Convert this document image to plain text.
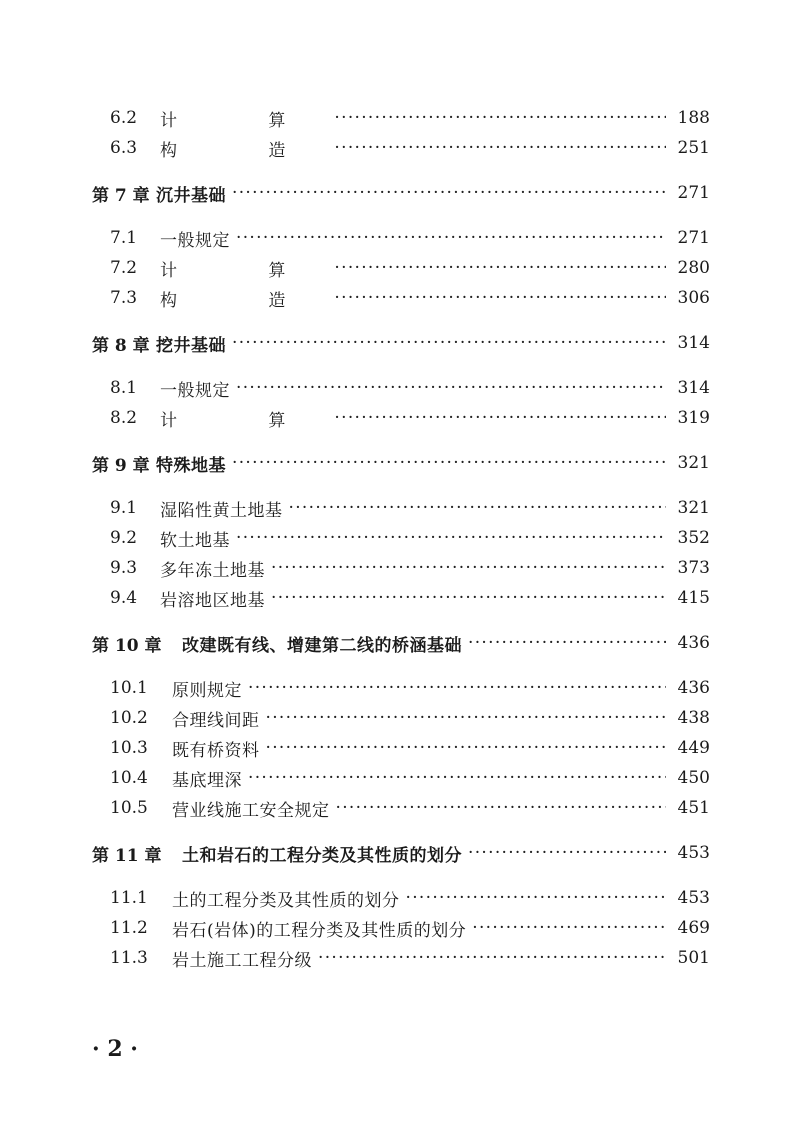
6.2	计 算 ·····	188
6.3	构 造 ·····	251
第 7 章 沉井基础 ·····	271
7.1	一般规定 ·····	271
7.2	计 算 ·····	280
7.3	构 造 ·····	306
第 8 章 挖井基础 ·····	314
8.1	一般规定 ·····	314
8.2	计 算 ·····	319
第 9 章 特殊地基 ·····	321
9.1	湿陷性黄土地基 ·····	321
9.2	软土地基 ·····	352
9.3	多年冻土地基 ·····	373
9.4	岩溶地区地基 ·····	415
第 10 章	改建既有线、增建第二线的桥涵基础 ·····	436
10.1	原则规定 ·····	436
10.2	合理线间距 ·····	438
10.3	既有桥资料 ·····	449
10.4	基底埋深 ·····	450
10.5	营业线施工安全规定 ·····	451
第 11 章	土和岩石的工程分类及其性质的划分 ·····	453
11.1	土的工程分类及其性质的划分 ·····	453
11.2	岩石(岩体)的工程分类及其性质的划分 ·····	469
11.3	岩土施工工程分级 ·····	501
· 2 ·
